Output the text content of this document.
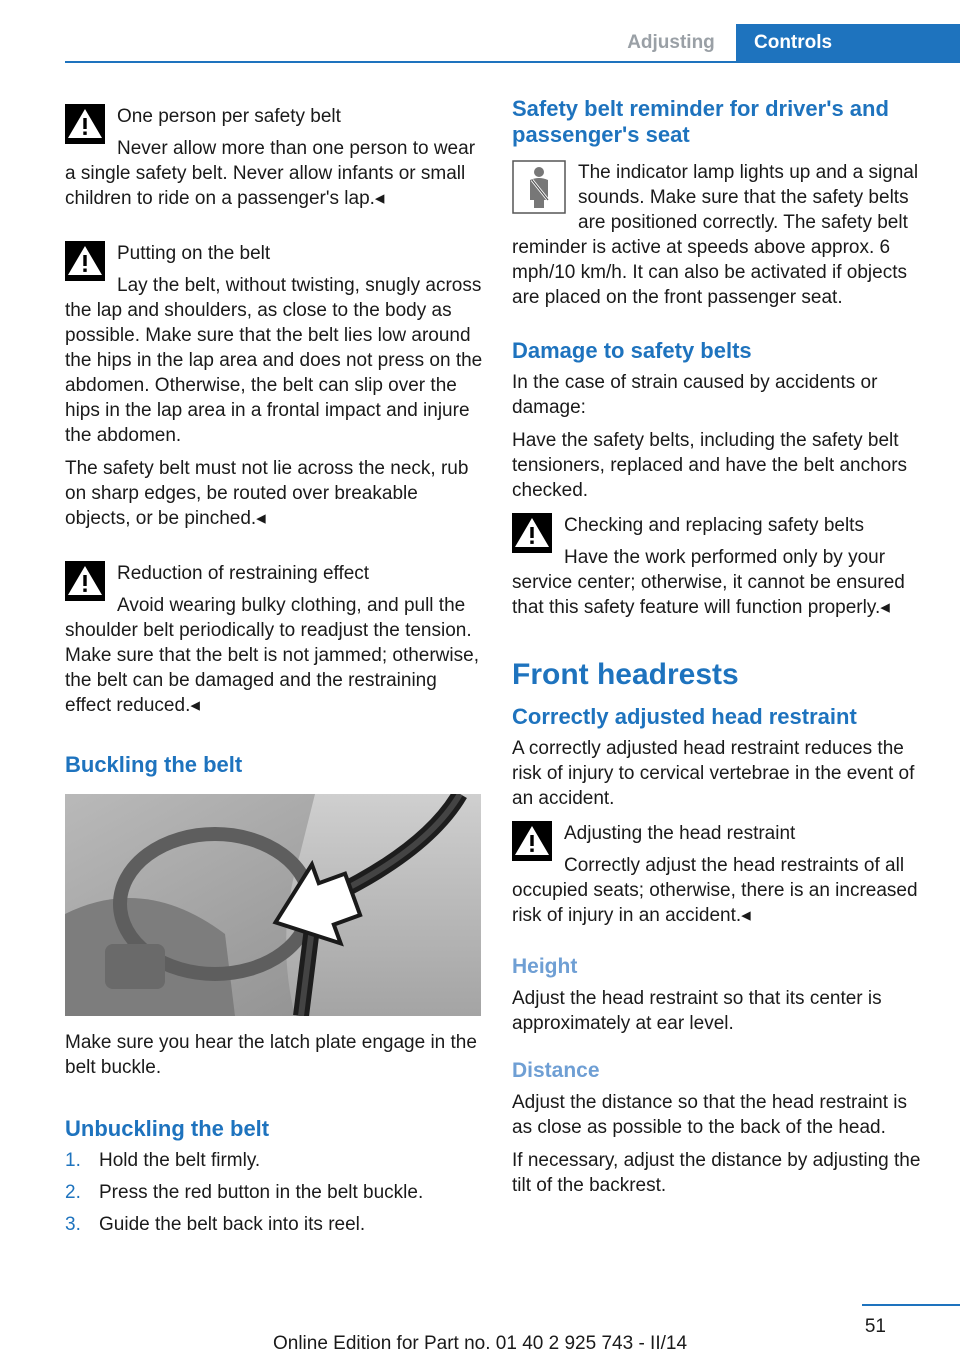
Adjusting	Controls

One person per safety belt

Never allow more than one person to wear a single safety belt. Never allow infants or small children to ride on a passenger's lap.◂

Putting on the belt

Lay the belt, without twisting, snugly across the lap and shoulders, as close to the body as possible. Make sure that the belt lies low around the hips in the lap area and does not press on the abdomen. Otherwise, the belt can slip over the hips in the lap area in a frontal impact and injure the abdomen.

The safety belt must not lie across the neck, rub on sharp edges, be routed over breakable objects, or be pinched.◂

Reduction of restraining effect

Avoid wearing bulky clothing, and pull the shoulder belt periodically to readjust the tension. Make sure that the belt is not jammed; otherwise, the belt can be damaged and the restraining effect reduced.◂

Buckling the belt

Make sure you hear the latch plate engage in the belt buckle.

Unbuckling the belt
1. Hold the belt firmly.
2. Press the red button in the belt buckle.
3. Guide the belt back into its reel.
Safety belt reminder for driver's and passenger's seat

The indicator lamp lights up and a signal sounds. Make sure that the safety belts are positioned correctly. The safety belt reminder is active at speeds above approx. 6 mph/10 km/h. It can also be activated if objects are placed on the front passenger seat.

Damage to safety belts

In the case of strain caused by accidents or damage:

Have the safety belts, including the safety belt tensioners, replaced and have the belt anchors checked.

Checking and replacing safety belts

Have the work performed only by your service center; otherwise, it cannot be ensured that this safety feature will function properly.◂

Front headrests
Correctly adjusted head restraint

A correctly adjusted head restraint reduces the risk of injury to cervical vertebrae in the event of an accident.

Adjusting the head restraint

Correctly adjust the head restraints of all occupied seats; otherwise, there is an increased risk of injury in an accident.◂

Height

Adjust the head restraint so that its center is approximately at ear level.

Distance

Adjust the distance so that the head restraint is as close as possible to the back of the head.

If necessary, adjust the distance by adjusting the tilt of the backrest.

51
Online Edition for Part no. 01 40 2 925 743 - II/14
